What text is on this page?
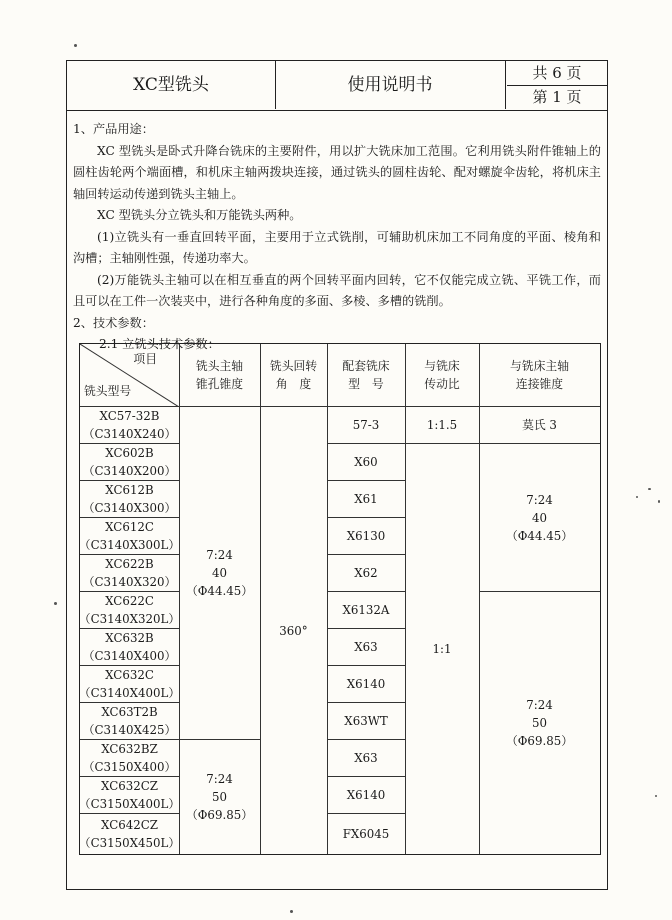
XC型铣头	使用说明书
共 6 页
第 1 页

1、产品用途：

XC 型铣头是卧式升降台铣床的主要附件，用以扩大铣床加工范围。它利用铣头附件锥轴上的圆柱齿轮两个端面槽，和机床主轴两拨块连接，通过铣头的圆柱齿轮、配对螺旋伞齿轮，将机床主轴回转运动传递到铣头主轴上。

XC 型铣头分立铣头和万能铣头两种。

(1)立铣头有一垂直回转平面，主要用于立式铣削，可辅助机床加工不同角度的平面、棱角和沟槽；主轴刚性强，传递功率大。

(2)万能铣头主轴可以在相互垂直的两个回转平面内回转，它不仅能完成立铣、平铣工作，而且可以在工件一次装夹中，进行各种角度的多面、多棱、多槽的铣削。

2、技术参数：

2.1 立铣头技术参数：

项目
铣头型号
铣头主轴
锥孔锥度
铣头回转
角　度
配套铣床
型　号
与铣床
传动比
与铣床主轴
连接锥度
XC57-32B
（C3140X240）
XC602B
（C3140X200）
XC612B
（C3140X300）
XC612C
（C3140X300L）
XC622B
（C3140X320）
XC622C
（C3140X320L）
XC632B
（C3140X400）
XC632C
（C3140X400L）
XC63T2B
（C3140X425）
XC632BZ
（C3150X400）
XC632CZ
（C3150X400L）
XC642CZ
（C3150X450L）
7:24
40
（Φ44.45）
7:24
50
（Φ69.85）
360°
57-3
X60
X61
X6130
X62
X6132A
X63
X6140
X63WT
X63
X6140
FX6045
1:1.5
1:1
莫氏 3
7:24
40
（Φ44.45）
7:24
50
（Φ69.85）
